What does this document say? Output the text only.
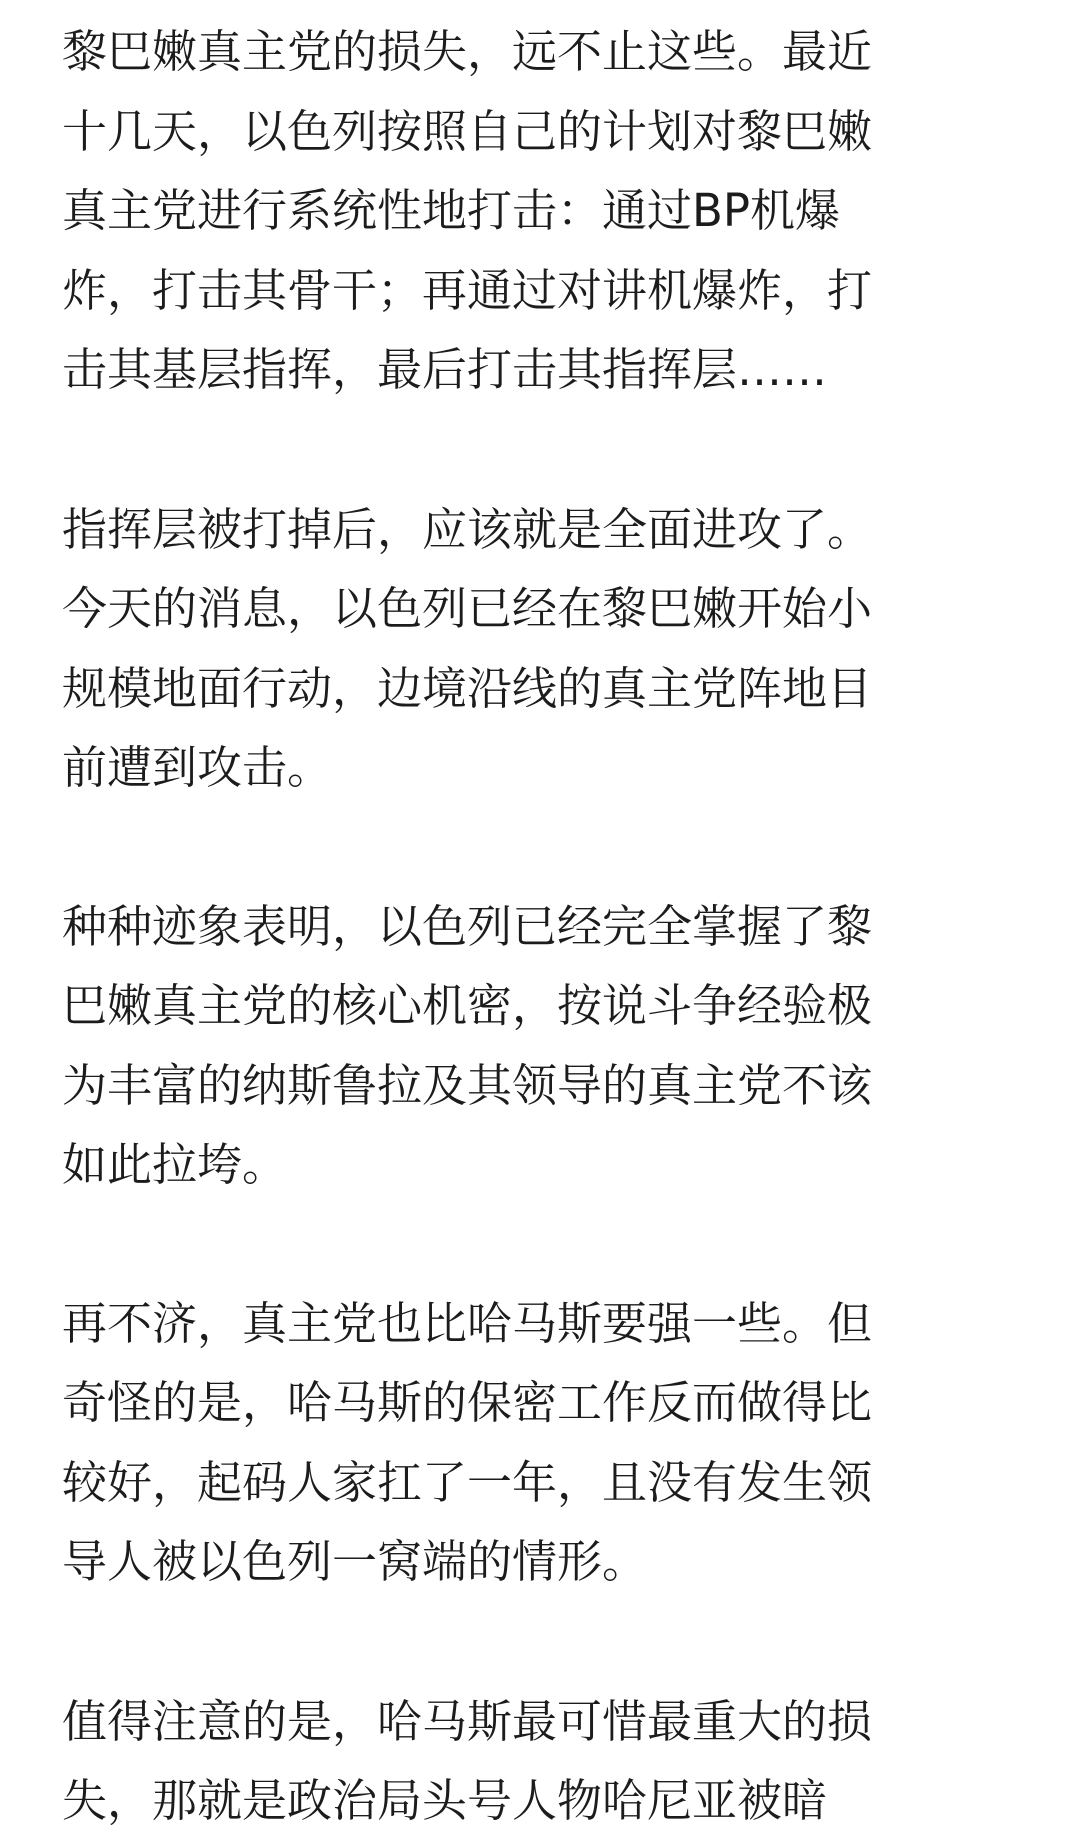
黎巴嫩真主党的损失，远不止这些。最近
十几天，以色列按照自己的计划对黎巴嫩
真主党进行系统性地打击：通过BP机爆
炸，打击其骨干；再通过对讲机爆炸，打
击其基层指挥，最后打击其指挥层……

指挥层被打掉后，应该就是全面进攻了。
今天的消息，以色列已经在黎巴嫩开始小
规模地面行动，边境沿线的真主党阵地目
前遭到攻击。

种种迹象表明，以色列已经完全掌握了黎
巴嫩真主党的核心机密，按说斗争经验极
为丰富的纳斯鲁拉及其领导的真主党不该
如此拉垮。

再不济，真主党也比哈马斯要强一些。但
奇怪的是，哈马斯的保密工作反而做得比
较好，起码人家扛了一年，且没有发生领
导人被以色列一窝端的情形。

值得注意的是，哈马斯最可惜最重大的损
失，那就是政治局头号人物哈尼亚被暗
